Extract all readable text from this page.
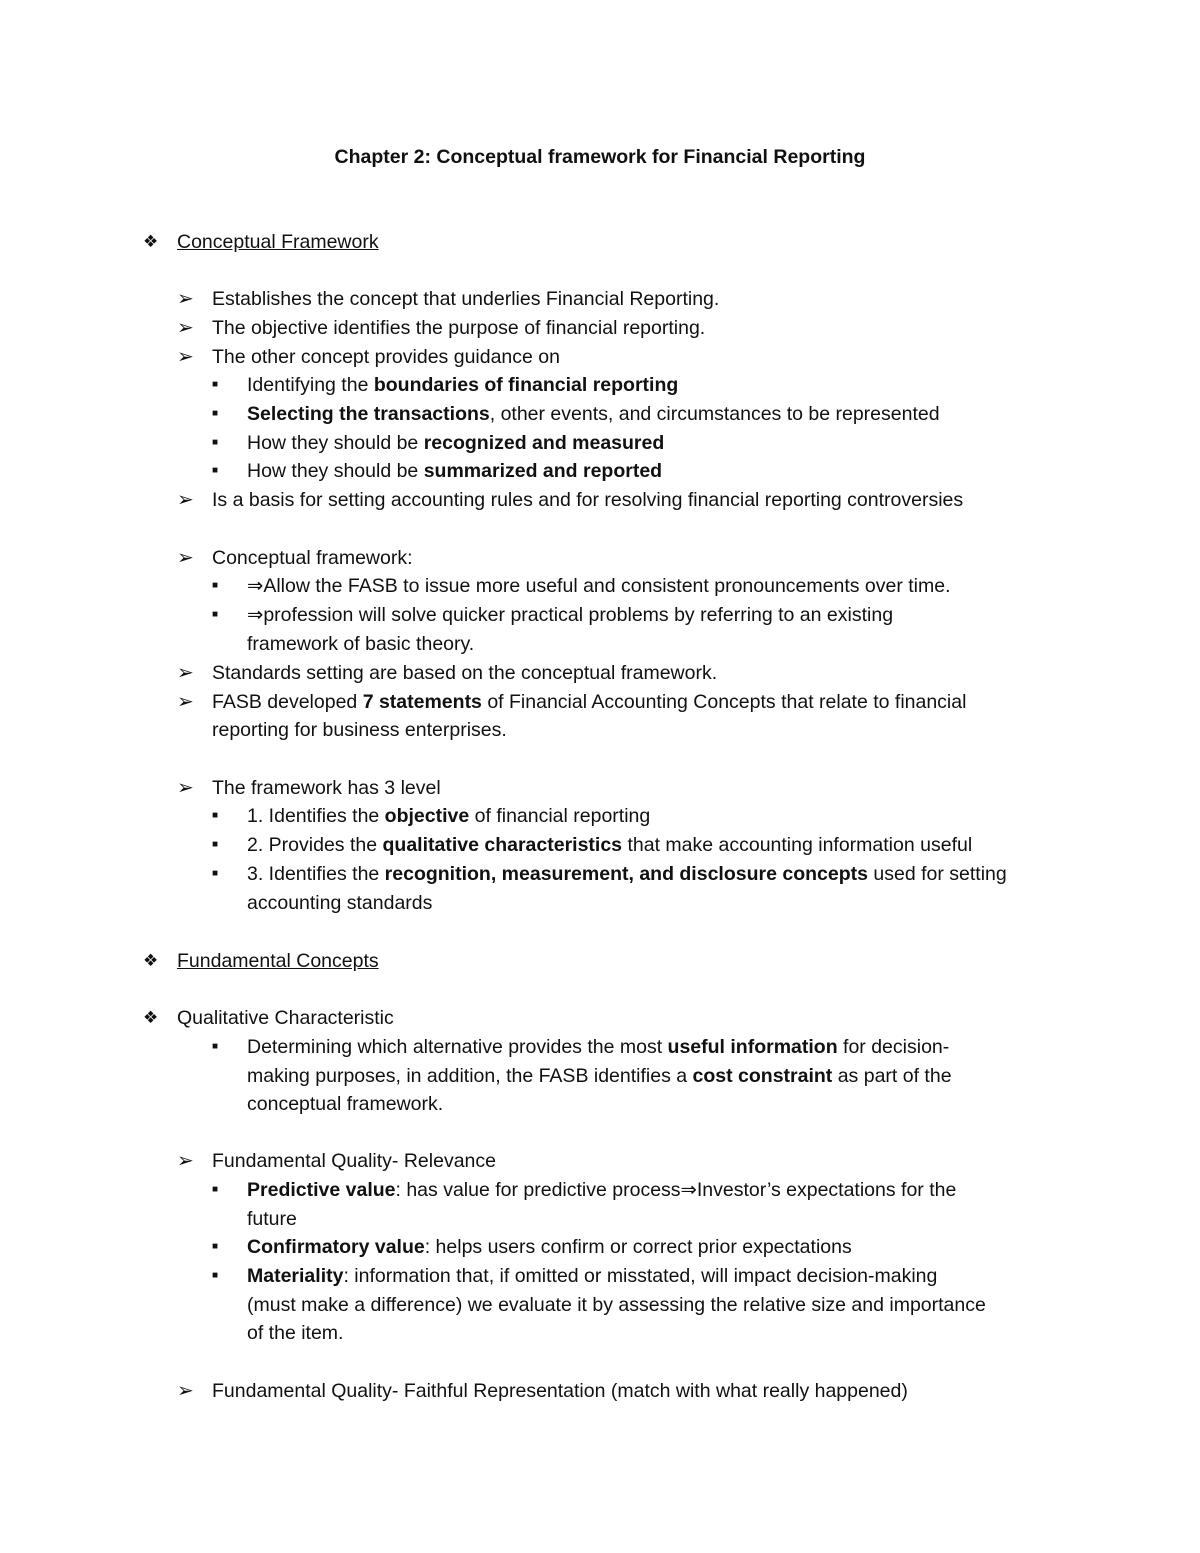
Chapter 2: Conceptual framework for Financial Reporting
❖ Conceptual Framework
➢ Establishes the concept that underlies Financial Reporting.
➢ The objective identifies the purpose of financial reporting.
➢ The other concept provides guidance on
■ Identifying the boundaries of financial reporting
■ Selecting the transactions, other events, and circumstances to be represented
■ How they should be recognized and measured
■ How they should be summarized and reported
➢ Is a basis for setting accounting rules and for resolving financial reporting controversies
➢ Conceptual framework:
■ ⇒Allow the FASB to issue more useful and consistent pronouncements over time.
■ ⇒profession will solve quicker practical problems by referring to an existing
framework of basic theory.
➢ Standards setting are based on the conceptual framework.
➢ FASB developed 7 statements of Financial Accounting Concepts that relate to financial
reporting for business enterprises.
➢ The framework has 3 level
■ 1. Identifies the objective of financial reporting
■ 2. Provides the qualitative characteristics that make accounting information useful
■ 3. Identifies the recognition, measurement, and disclosure concepts used for setting
accounting standards
❖ Fundamental Concepts
❖ Qualitative Characteristic
■ Determining which alternative provides the most useful information for decision-
making purposes, in addition, the FASB identifies a cost constraint as part of the
conceptual framework.
➢ Fundamental Quality- Relevance
■ Predictive value: has value for predictive process⇒Investor’s expectations for the
future
■ Confirmatory value: helps users confirm or correct prior expectations
■ Materiality: information that, if omitted or misstated, will impact decision-making
(must make a difference) we evaluate it by assessing the relative size and importance
of the item.
➢ Fundamental Quality- Faithful Representation (match with what really happened)
